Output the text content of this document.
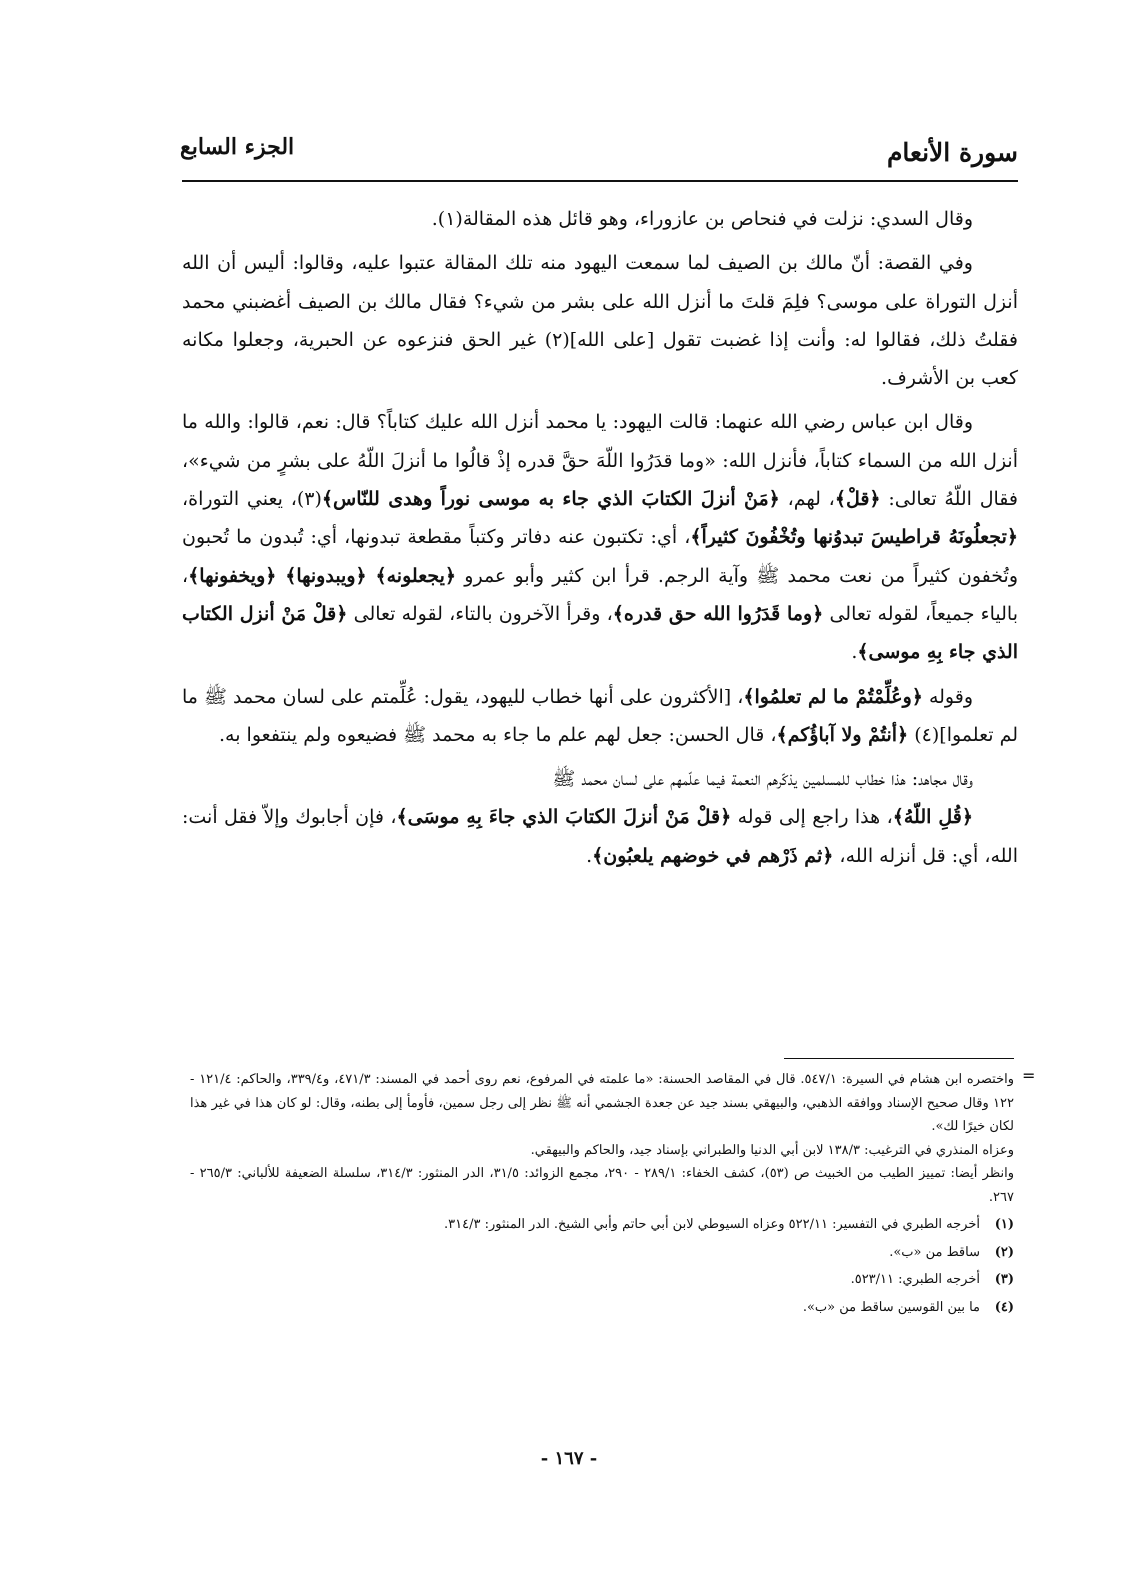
سورة الأنعام
الجزء السابع

وقال السدي: نزلت في فنحاص بن عازوراء، وهو قائل هذه المقالة(١).

وفي القصة: أنّ مالك بن الصيف لما سمعت اليهود منه تلك المقالة عتبوا عليه، وقالوا: أليس أن الله أنزل التوراة على موسى؟ فلِمَ قلتَ ما أنزل الله على بشر من شيء؟ فقال مالك بن الصيف أغضبني محمد فقلتُ ذلك، فقالوا له: وأنت إذا غضبت تقول [على الله](٢) غير الحق فنزعوه عن الحبرية، وجعلوا مكانه كعب بن الأشرف.

وقال ابن عباس رضي الله عنهما: قالت اليهود: يا محمد أنزل الله عليك كتاباً؟ قال: نعم، قالوا: والله ما أنزل الله من السماء كتاباً، فأنزل الله: «وما قدَرُوا اللّهَ حقَّ قدره إذْ قالُوا ما أنزلَ اللّهُ على بشرٍ من شيء»، فقال اللّهُ تعالى: ﴿قلْ﴾، لهم، ﴿مَنْ أنزلَ الكتابَ الذي جاء به موسى نوراً وهدى للنّاس﴾(٣)، يعني التوراة، ﴿تجعلُونَهُ قراطيسَ تبدوُنها وتُخْفُونَ كثيراً﴾، أي: تكتبون عنه دفاتر وكتباً مقطعة تبدونها، أي: تُبدون ما تُحبون وتُخفون كثيراً من نعت محمد ﷺ وآية الرجم. قرأ ابن كثير وأبو عمرو ﴿يجعلونه﴾ ﴿ويبدونها﴾ ﴿ويخفونها﴾، بالياء جميعاً، لقوله تعالى ﴿وما قَدَرُوا الله حق قدره﴾، وقرأ الآخرون بالتاء، لقوله تعالى ﴿قلْ مَنْ أنزل الكتاب الذي جاء بِهِ موسى﴾.

وقوله ﴿وعُلِّمْتُمْ ما لم تعلمُوا﴾، [الأكثرون على أنها خطاب لليهود، يقول: عُلِّمتم على لسان محمد ﷺ ما لم تعلموا](٤) ﴿أنتُمْ ولا آباؤُكم﴾، قال الحسن: جعل لهم علم ما جاء به محمد ﷺ فضيعوه ولم ينتفعوا به.

وقال مجاهد: هذا خطاب للمسلمين يذكّرهم النعمة فيما علّمهم على لسان محمد ﷺ

﴿قُلِ اللّهُ﴾، هذا راجع إلى قوله ﴿قلْ مَنْ أنزلَ الكتابَ الذي جاءَ بِهِ موسَى﴾، فإن أجابوك وإلاّ فقل أنت: الله، أي: قل أنزله الله، ﴿ثم ذَرْهم في خوضهم يلعبُون﴾.

=

واختصره ابن هشام في السيرة: ٥٤٧/١. قال في المقاصد الحسنة: «ما علمته في المرفوع، نعم روى أحمد في المسند: ٤٧١/٣، و٣٣٩/٤، والحاكم: ١٢١/٤ - ١٢٢ وقال صحيح الإسناد ووافقه الذهبي، والبيهقي بسند جيد عن جعدة الجشمي أنه ﷺ نظر إلى رجل سمين، فأومأ إلى بطنه، وقال: لو كان هذا في غير هذا لكان خيرًا لك».

وعزاه المنذري في الترغيب: ١٣٨/٣ لابن أبي الدنيا والطبراني بإسناد جيد، والحاكم والبيهقي.

وانظر أيضا: تمييز الطيب من الخبيث ص (٥٣)، كشف الخفاء: ٢٨٩/١ - ٢٩٠، مجمع الزوائد: ٣١/٥، الدر المنثور: ٣١٤/٣، سلسلة الضعيفة للألباني: ٢٦٥/٣ - ٢٦٧.

(١)
أخرجه الطبري في التفسير: ٥٢٢/١١ وعزاه السيوطي لابن أبي حاتم وأبي الشيخ. الدر المنثور: ٣١٤/٣.
(٢)
ساقط من «ب».
(٣)
أخرجه الطبري: ٥٢٣/١١.
(٤)
ما بين القوسين ساقط من «ب».
- ١٦٧ -
